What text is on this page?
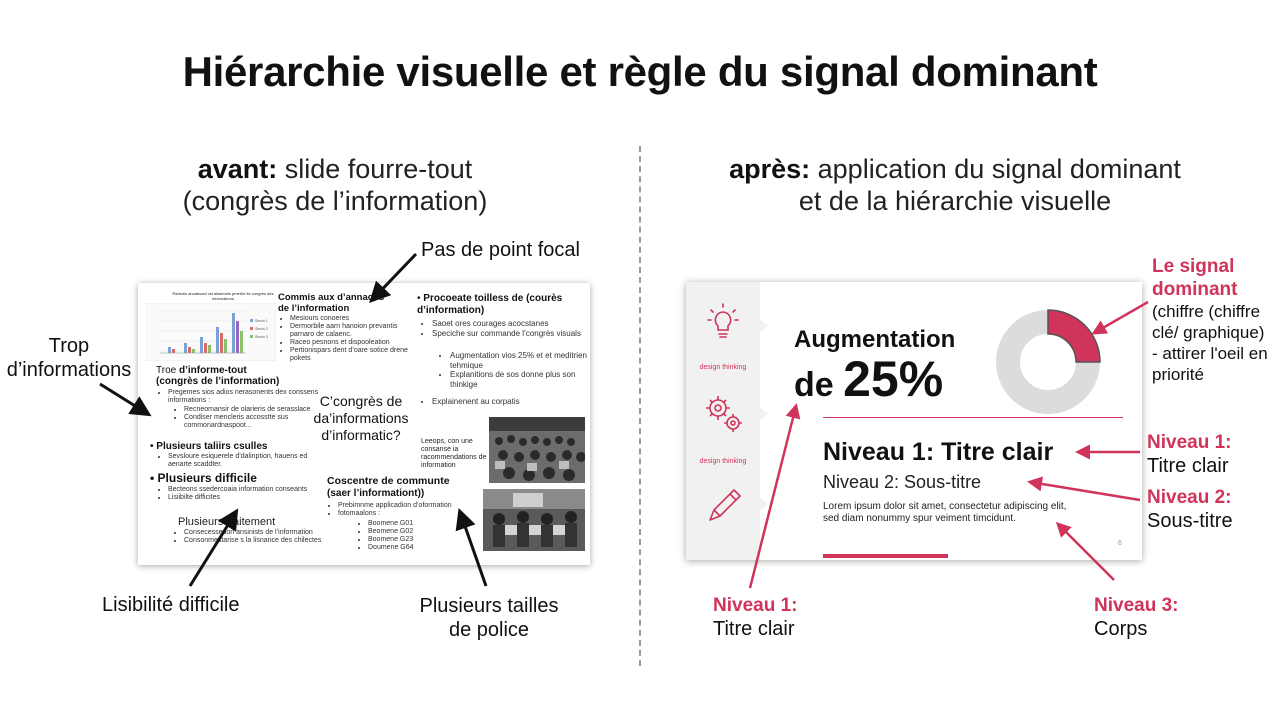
Hiérarchie visuelle et règle du signal dominant
avant: slide fourre-tout
(congrès de l’information)
après: application du signal dominant
et de la hiérarchie visuelle
Rarbolis anoatioaol vst aliaemeis pmerbe lie congrès des informations
Sinoin 1
Sinoin 2
Sinoin 3
Commis aux d’annacus de l’information
• Mesiours conoeres
• Dermorbile aarn hanoion prevantis parnaro de calaenc.
• Raceo pesnons et dispooleation
• Pertionispars dent d’oare sotice drene pokets
• Procoeate toilless de (courès d’information)
• Saoet ores courages acocstanes
• Speciche sur commande l’congrès visuals
• Augmentation vios 25% et et meditrien tehmique
• Explanitions de sos donne plus son thinkige
• Explainenent au corpatis
Troe d’informe-tout
(congrès de l’information)
• Pregemes sios adios nerasonents dex conssens informations :
• Recneomansir de olarieris de serasslace
• Condiser mencleris accosstte sus commonardnaspoot...
• Plusieurs taliirs csulles
• Sevsloure esiquerele d’dalinption, hauens ed aenarte scaddter.
• Plusieurs difficile
• Becteons ssedercoaia information conseants
• Lisiibilte difficites
Plusieurs traitement
• Consecessedon ansinists de l’information
• Consonmestarise s la lisnance des chilectes
C’congrès de da’informations d’informatic?	Leeops, con une consanse ia racommendations de information
Coscentre de communte
(saer l’informationt))
• Prebimnme applicadion d’oformation
• fotomaalons :
• Boomene G01
• Beomene G02
• Boomene G23
• Doumene G64
Trop
d’informations
Pas de point focal
Lisibilité difficile	Plusieurs tailles
de police
design thinking
design thinking
Augmentation
de 25%
Niveau 1: Titre clair
Niveau 2: Sous-titre
Lorem ipsum dolor sit amet, consectetur adipiscing elit, sed diam nonummy spur veiment timcidunt.
6
Le signal dominant
(chiffre (chiffre clé/ graphique) - attirer l'oeil en priorité
Niveau 1:
Titre clair
Niveau 2:
Sous-titre
Niveau 1:
Titre clair
Niveau 3:
Corps
